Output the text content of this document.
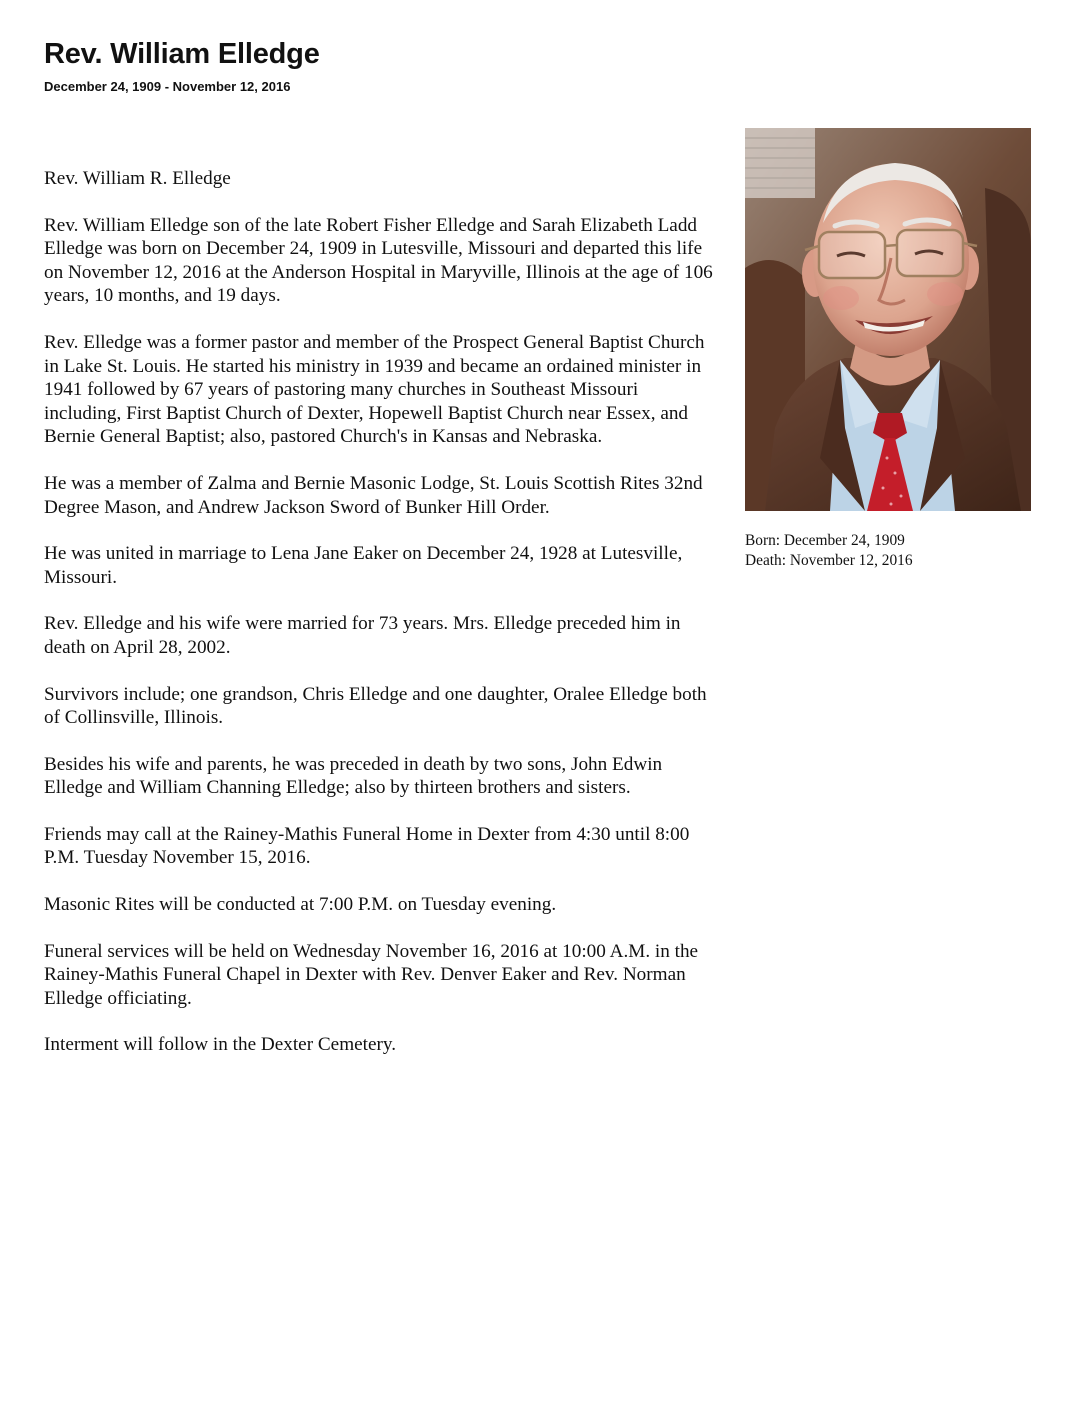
Rev. William Elledge
December 24, 1909 - November 12, 2016

Rev. William R. Elledge

Rev. William Elledge son of the late Robert Fisher Elledge and Sarah Elizabeth Ladd Elledge was born on December 24, 1909 in Lutesville, Missouri and departed this life on November 12, 2016 at the Anderson Hospital in Maryville, Illinois at the age of 106 years, 10 months, and 19 days.

Rev. Elledge was a former pastor and member of the Prospect General Baptist Church in Lake St. Louis. He started his ministry in 1939 and became an ordained minister in 1941 followed by 67 years of pastoring many churches in Southeast Missouri including, First Baptist Church of Dexter, Hopewell Baptist Church near Essex, and Bernie General Baptist; also, pastored Church's in Kansas and Nebraska.

He was a member of Zalma and Bernie Masonic Lodge, St. Louis Scottish Rites 32nd Degree Mason, and Andrew Jackson Sword of Bunker Hill Order.

He was united in marriage to Lena Jane Eaker on December 24, 1928 at Lutesville, Missouri.

Rev. Elledge and his wife were married for 73 years. Mrs. Elledge preceded him in death on April 28, 2002.

Survivors include; one grandson, Chris Elledge and one daughter, Oralee Elledge both of Collinsville, Illinois.

Besides his wife and parents, he was preceded in death by two sons, John Edwin Elledge and William Channing Elledge; also by thirteen brothers and sisters.

Friends may call at the Rainey-Mathis Funeral Home in Dexter from 4:30 until 8:00 P.M. Tuesday November 15, 2016.

Masonic Rites will be conducted at 7:00 P.M. on Tuesday evening.

Funeral services will be held on Wednesday November 16, 2016 at 10:00 A.M. in the Rainey-Mathis Funeral Chapel in Dexter with Rev. Denver Eaker and Rev. Norman Elledge officiating.

Interment will follow in the Dexter Cemetery.

Born: December 24, 1909
Death: November 12, 2016
